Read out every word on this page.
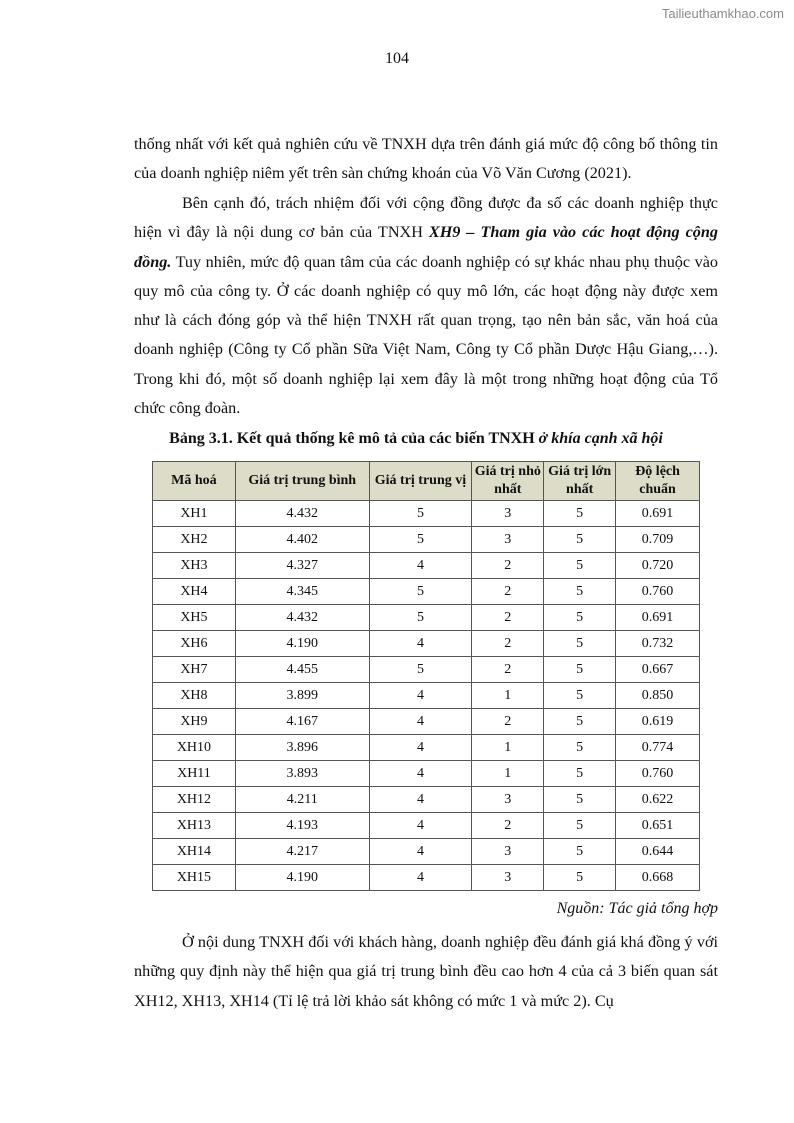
Tailieuthamkhao.com
104

thống nhất với kết quả nghiên cứu về TNXH dựa trên đánh giá mức độ công bố thông tin của doanh nghiệp niêm yết trên sàn chứng khoán của Võ Văn Cương (2021).

Bên cạnh đó, trách nhiệm đối với cộng đồng được đa số các doanh nghiệp thực hiện vì đây là nội dung cơ bản của TNXH XH9 – Tham gia vào các hoạt động cộng đồng. Tuy nhiên, mức độ quan tâm của các doanh nghiệp có sự khác nhau phụ thuộc vào quy mô của công ty. Ở các doanh nghiệp có quy mô lớn, các hoạt động này được xem như là cách đóng góp và thể hiện TNXH rất quan trọng, tạo nên bản sắc, văn hoá của doanh nghiệp (Công ty Cổ phần Sữa Việt Nam, Công ty Cổ phần Dược Hậu Giang,…). Trong khi đó, một số doanh nghiệp lại xem đây là một trong những hoạt động của Tổ chức công đoàn.

Bảng 3.1. Kết quả thống kê mô tả của các biến TNXH ở khía cạnh xã hội
Mã hoá	Giá trị trung bình	Giá trị trung vị	Giá trị nhỏ nhất	Giá trị lớn nhất	Độ lệch chuẩn
XH1	4.432	5	3	5	0.691
XH2	4.402	5	3	5	0.709
XH3	4.327	4	2	5	0.720
XH4	4.345	5	2	5	0.760
XH5	4.432	5	2	5	0.691
XH6	4.190	4	2	5	0.732
XH7	4.455	5	2	5	0.667
XH8	3.899	4	1	5	0.850
XH9	4.167	4	2	5	0.619
XH10	3.896	4	1	5	0.774
XH11	3.893	4	1	5	0.760
XH12	4.211	4	3	5	0.622
XH13	4.193	4	2	5	0.651
XH14	4.217	4	3	5	0.644
XH15	4.190	4	3	5	0.668
Nguồn: Tác giả tổng hợp

Ở nội dung TNXH đối với khách hàng, doanh nghiệp đều đánh giá khá đồng ý với những quy định này thể hiện qua giá trị trung bình đều cao hơn 4 của cả 3 biến quan sát XH12, XH13, XH14 (Tỉ lệ trả lời khảo sát không có mức 1 và mức 2). Cụ
